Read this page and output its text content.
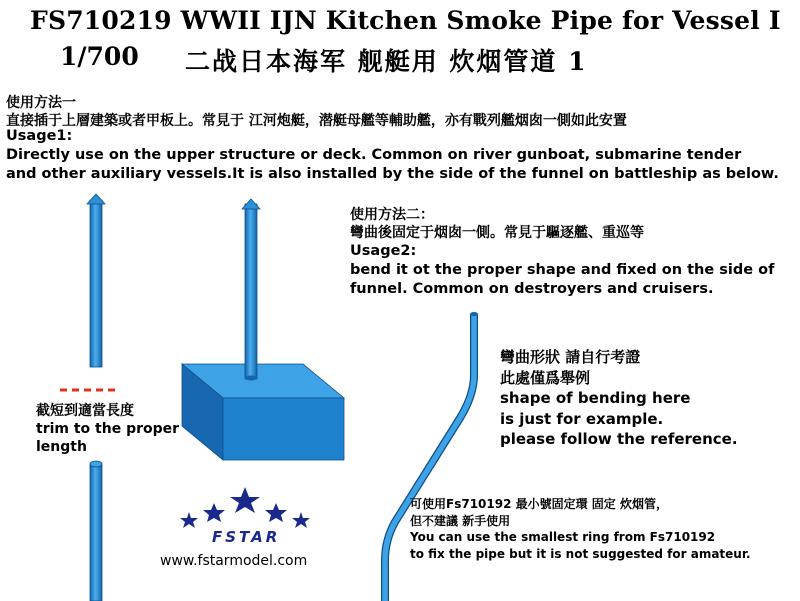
FS710219 WWII IJN Kitchen Smoke Pipe for Vessel I
1/700 二战日本海军 舰艇用 炊烟管道 1
使用方法一
直接插于上層建築或者甲板上。常見于 江河炮艇，潜艇母艦等輔助艦，亦有戰列艦烟囱一側如此安置
Usage1:
Directly use on the upper structure or deck. Common on river gunboat, submarine tender
and other auxiliary vessels.It is also installed by the side of the funnel on battleship as below.
使用方法二：
彎曲後固定于烟囱一側。常見于驅逐艦、重巡等
Usage2:
bend it ot the proper shape and fixed on the side of
funnel. Common on destroyers and cruisers.
彎曲形狀 請自行考證
此處僅爲舉例
shape of bending here
is just for example.
please follow the reference.
截短到適當長度
trim to the proper
length
可使用Fs710192 最小號固定環 固定 炊烟管，
但不建議 新手使用
You can use the smallest ring from Fs710192
to fix the pipe but it is not suggested for amateur.
FSTAR
www.fstarmodel.com
